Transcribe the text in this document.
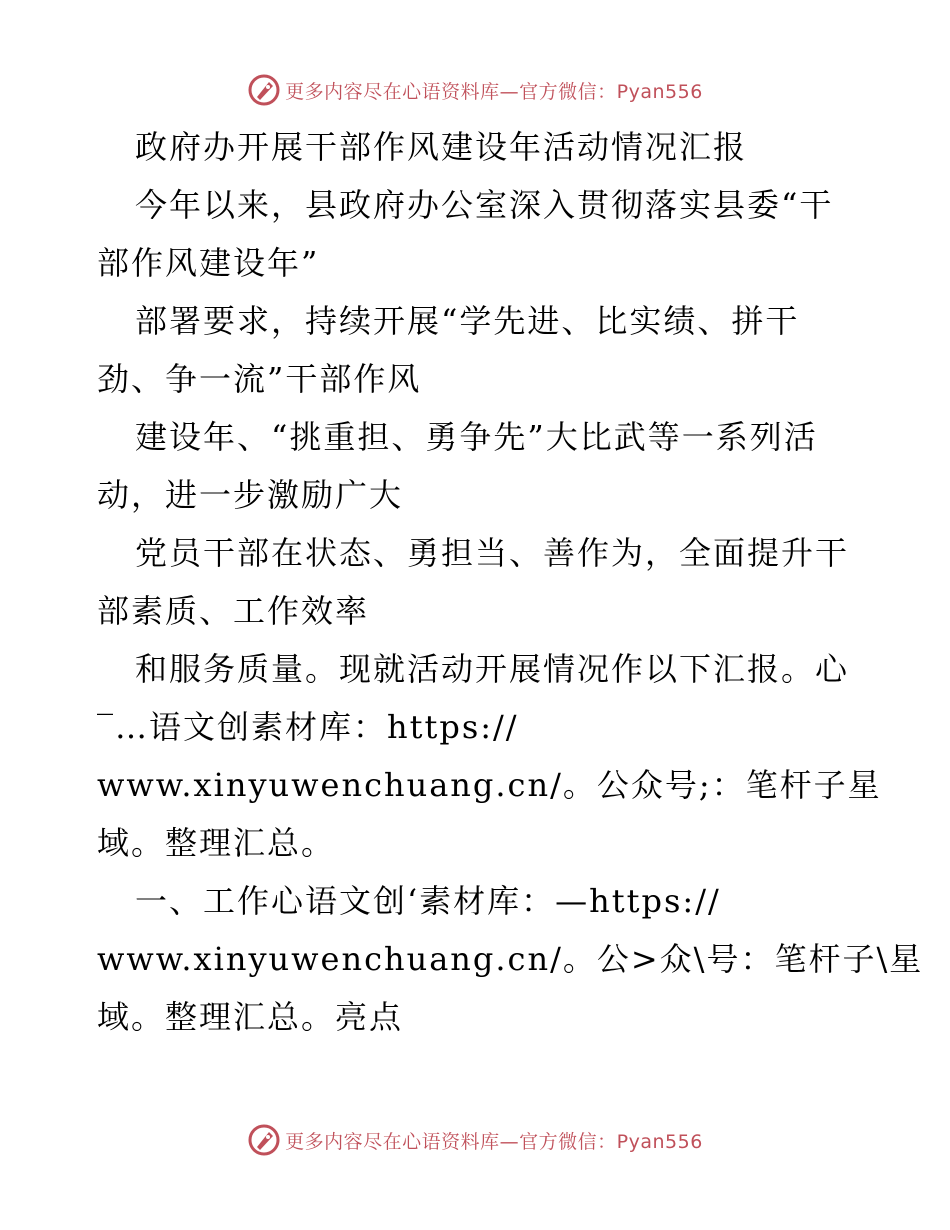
更多内容尽在心语资料库—官方微信：Pyan556
政府办开展干部作风建设年活动情况汇报
今年以来，县政府办公室深入贯彻落实县委“干
部作风建设年”
部署要求，持续开展“学先进、比实绩、拼干
劲、争一流”干部作风
建设年、“挑重担、勇争先”大比武等一系列活
动，进一步激励广大
党员干部在状态、勇担当、善作为，全面提升干
部素质、工作效率
和服务质量。现就活动开展情况作以下汇报。心
‾…语文创素材库：https://
www.xinyuwenchuang.cn/。公众号;：笔杆子星
域。整理汇总。
一、工作心语文创‘素材库：—https://
www.xinyuwenchuang.cn/。公>众\号：笔杆子\星
域。整理汇总。亮点
更多内容尽在心语资料库—官方微信：Pyan556
